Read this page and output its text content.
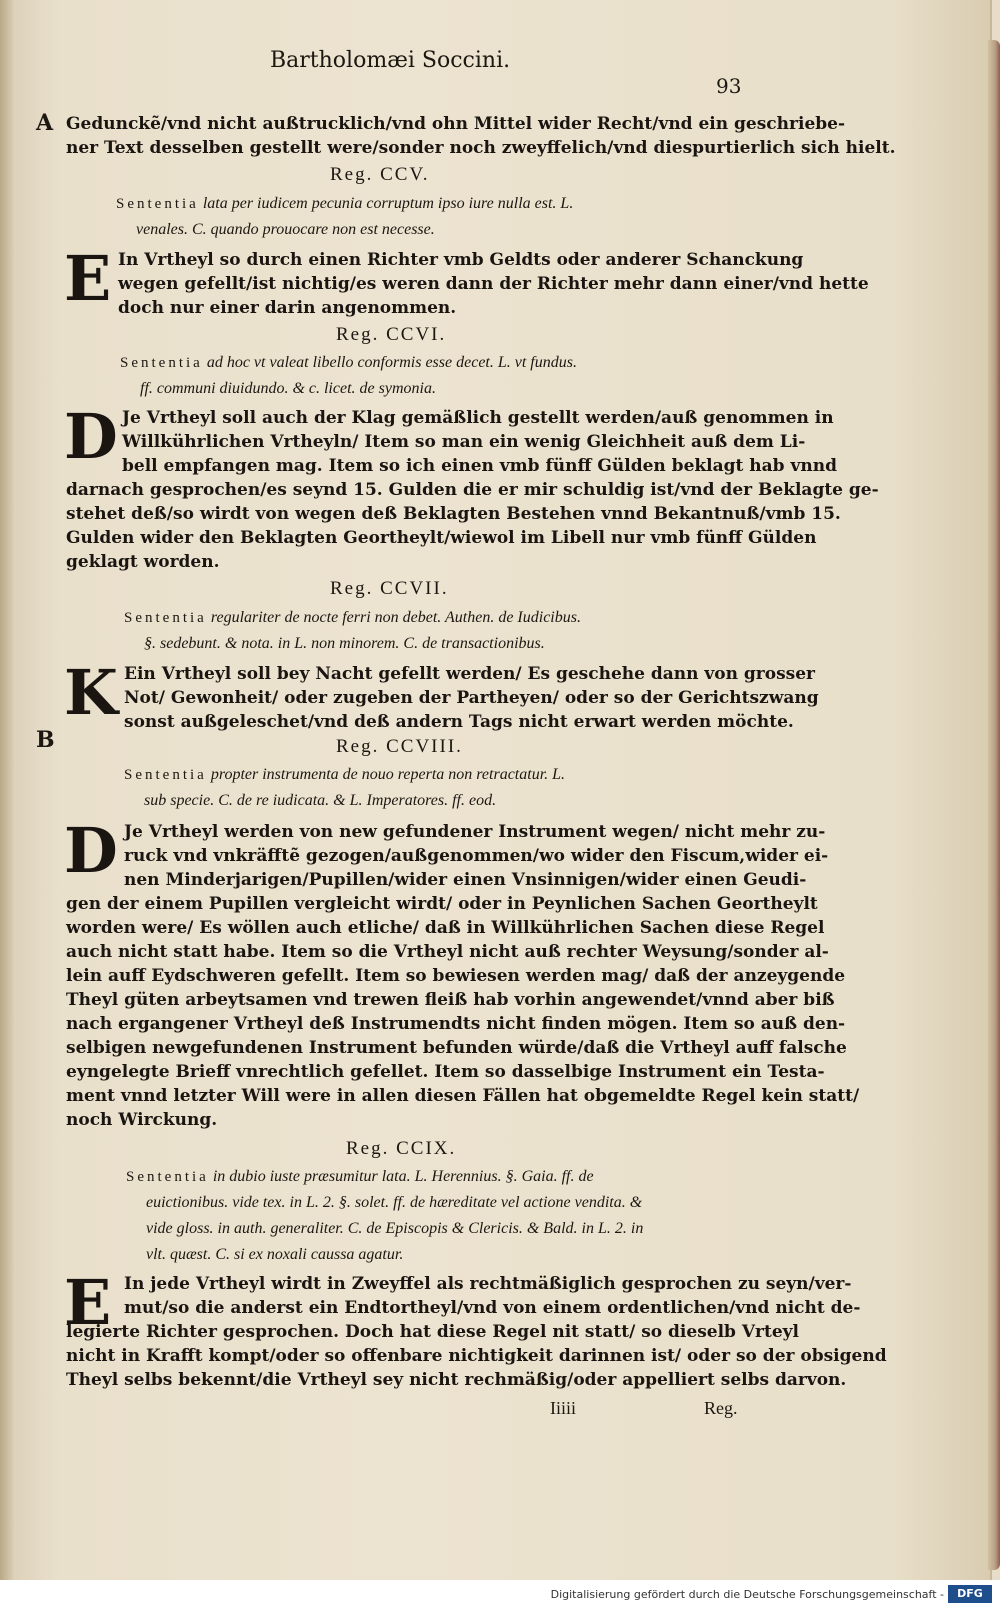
Bartholomæi Soccini.
93
A
B
Gedunckẽ/vnd nicht außtrucklich/vnd ohn Mittel wider Recht/vnd ein geschriebe-
ner Text desselben gestellt were/sonder noch zweyffelich/vnd diespurtierlich sich hielt.
Reg. CCV.
Sententia lata per iudicem pecunia corruptum ipso iure nulla est. L.
venales. C. quando prouocare non est necesse.
E In Vrtheyl so durch einen Richter vmb Geldts oder anderer Schanckung
wegen gefellt/ist nichtig/es weren dann der Richter mehr dann einer/vnd hette
doch nur einer darin angenommen.
Reg. CCVI.
Sententia ad hoc vt valeat libello conformis esse decet. L. vt fundus.
ff. communi diuidundo. & c. licet. de symonia.
D Je Vrtheyl soll auch der Klag gemäßlich gestellt werden/auß genommen in
Willkührlichen Vrtheyln/ Item so man ein wenig Gleichheit auß dem Li-
bell empfangen mag. Item so ich einen vmb fünff Gülden beklagt hab vnnd
darnach gesprochen/es seynd 15. Gulden die er mir schuldig ist/vnd der Beklagte ge-
stehet deß/so wirdt von wegen deß Beklagten Bestehen vnnd Bekantnuß/vmb 15.
Gulden wider den Beklagten Geortheylt/wiewol im Libell nur vmb fünff Gülden
geklagt worden.
Reg. CCVII.
Sententia regulariter de nocte ferri non debet. Authen. de Iudicibus.
§. sedebunt. & nota. in L. non minorem. C. de transactionibus.
K Ein Vrtheyl soll bey Nacht gefellt werden/ Es geschehe dann von grosser
Not/ Gewonheit/ oder zugeben der Partheyen/ oder so der Gerichtszwang
sonst außgeleschet/vnd deß andern Tags nicht erwart werden möchte.
Reg. CCVIII.
Sententia propter instrumenta de nouo reperta non retractatur. L.
sub specie. C. de re iudicata. & L. Imperatores. ff. eod.
D Je Vrtheyl werden von new gefundener Instrument wegen/ nicht mehr zu-
ruck vnd vnkräfftẽ gezogen/außgenommen/wo wider den Fiscum,wider ei-
nen Minderjarigen/Pupillen/wider einen Vnsinnigen/wider einen Geudi-
gen der einem Pupillen vergleicht wirdt/ oder in Peynlichen Sachen Geortheylt
worden were/ Es wöllen auch etliche/ daß in Willkührlichen Sachen diese Regel
auch nicht statt habe. Item so die Vrtheyl nicht auß rechter Weysung/sonder al-
lein auff Eydschweren gefellt. Item so bewiesen werden mag/ daß der anzeygende
Theyl güten arbeytsamen vnd trewen fleiß hab vorhin angewendet/vnnd aber biß
nach ergangener Vrtheyl deß Instrumendts nicht finden mögen. Item so auß den-
selbigen newgefundenen Instrument befunden würde/daß die Vrtheyl auff falsche
eyngelegte Brieff vnrechtlich gefellet. Item so dasselbige Instrument ein Testa-
ment vnnd letzter Will were in allen diesen Fällen hat obgemeldte Regel kein statt/
noch Wirckung.
Reg. CCIX.
Sententia in dubio iuste præsumitur lata. L. Herennius. §. Gaia. ff. de
euictionibus. vide tex. in L. 2. §. solet. ff. de hæreditate vel actione vendita. &
vide gloss. in auth. generaliter. C. de Episcopis & Clericis. & Bald. in L. 2. in
vlt. quæst. C. si ex noxali caussa agatur.
E In jede Vrtheyl wirdt in Zweyffel als rechtmäßiglich gesprochen zu seyn/ver-
mut/so die anderst ein Endtortheyl/vnd von einem ordentlichen/vnd nicht de-
legierte Richter gesprochen. Doch hat diese Regel nit statt/ so dieselb Vrteyl
nicht in Krafft kompt/oder so offenbare nichtigkeit darinnen ist/ oder so der obsigend
Theyl selbs bekennt/die Vrtheyl sey nicht rechmäßig/oder appelliert selbs darvon.
Iiiii	Reg.
Digitalisierung gefördert durch die Deutsche Forschungsgemeinschaft -	DFG
